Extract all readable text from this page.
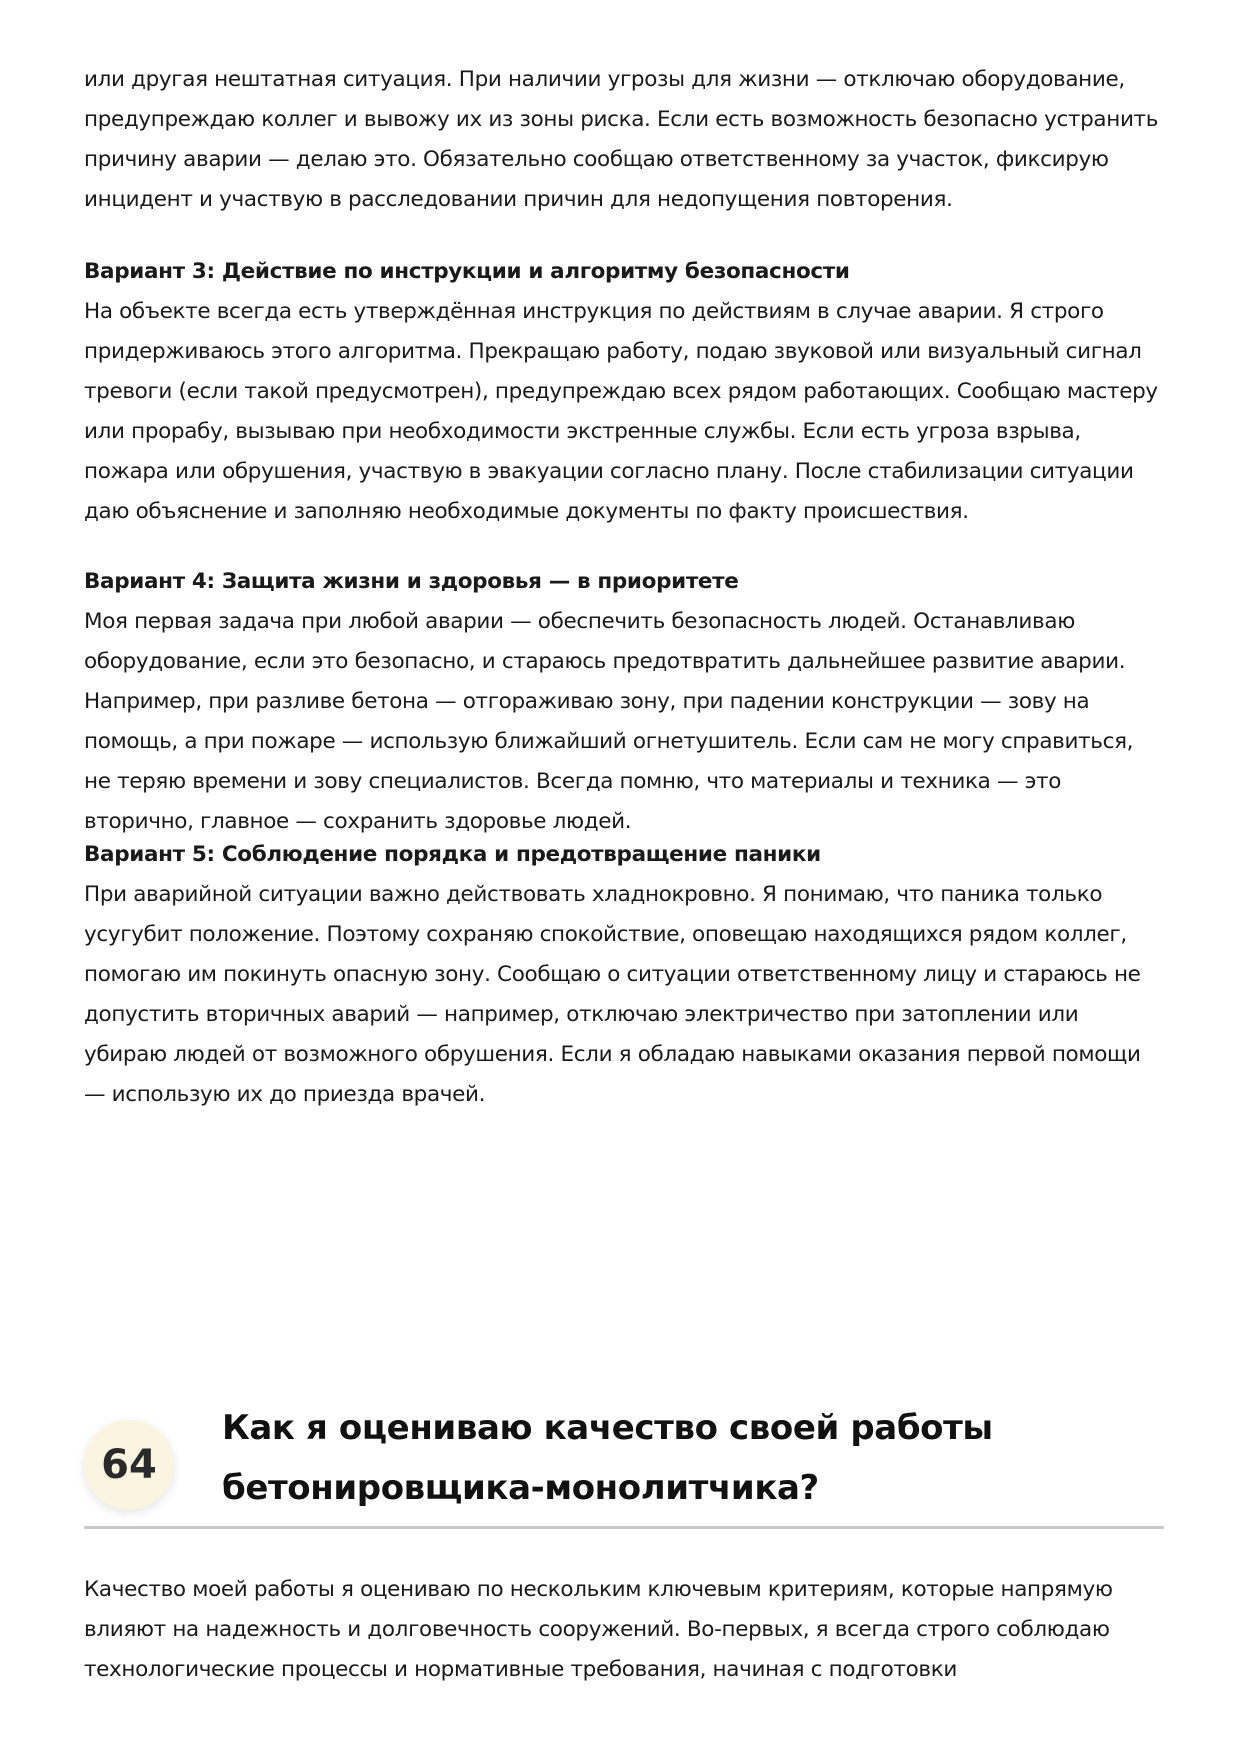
или другая нештатная ситуация. При наличии угрозы для жизни — отключаю оборудование, предупреждаю коллег и вывожу их из зоны риска. Если есть возможность безопасно устранить причину аварии — делаю это. Обязательно сообщаю ответственному за участок, фиксирую инцидент и участвую в расследовании причин для недопущения повторения.

Вариант 3: Действие по инструкции и алгоритму безопасности

На объекте всегда есть утверждённая инструкция по действиям в случае аварии. Я строго придерживаюсь этого алгоритма. Прекращаю работу, подаю звуковой или визуальный сигнал тревоги (если такой предусмотрен), предупреждаю всех рядом работающих. Сообщаю мастеру или прорабу, вызываю при необходимости экстренные службы. Если есть угроза взрыва, пожара или обрушения, участвую в эвакуации согласно плану. После стабилизации ситуации даю объяснение и заполняю необходимые документы по факту происшествия.

Вариант 4: Защита жизни и здоровья — в приоритете

Моя первая задача при любой аварии — обеспечить безопасность людей. Останавливаю оборудование, если это безопасно, и стараюсь предотвратить дальнейшее развитие аварии. Например, при разливе бетона — отгораживаю зону, при падении конструкции — зову на помощь, а при пожаре — использую ближайший огнетушитель. Если сам не могу справиться, не теряю времени и зову специалистов. Всегда помню, что материалы и техника — это вторично, главное — сохранить здоровье людей.

Вариант 5: Соблюдение порядка и предотвращение паники

При аварийной ситуации важно действовать хладнокровно. Я понимаю, что паника только усугубит положение. Поэтому сохраняю спокойствие, оповещаю находящихся рядом коллег, помогаю им покинуть опасную зону. Сообщаю о ситуации ответственному лицу и стараюсь не допустить вторичных аварий — например, отключаю электричество при затоплении или убираю людей от возможного обрушения. Если я обладаю навыками оказания первой помощи — использую их до приезда врачей.

64
Как я оцениваю качество своей работы бетонировщика-монолитчика?

Качество моей работы я оцениваю по нескольким ключевым критериям, которые напрямую влияют на надежность и долговечность сооружений. Во-первых, я всегда строго соблюдаю технологические процессы и нормативные требования, начиная с подготовки
